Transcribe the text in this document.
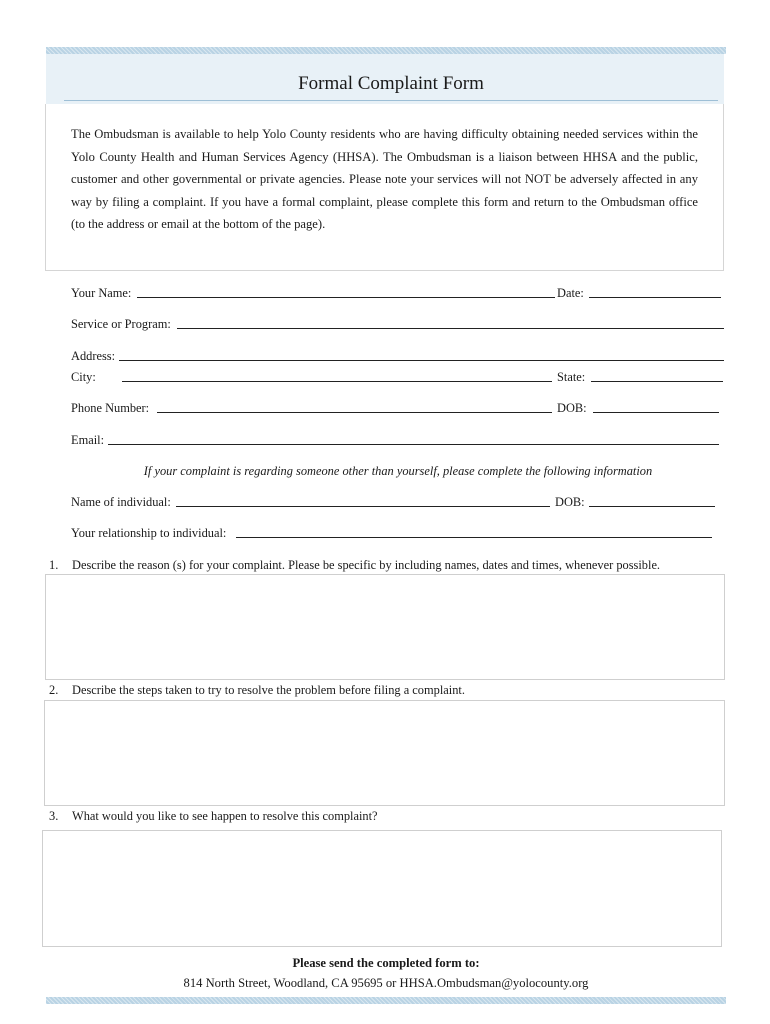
Formal Complaint Form
The Ombudsman is available to help Yolo County residents who are having difficulty obtaining needed services within the Yolo County Health and Human Services Agency (HHSA). The Ombudsman is a liaison between HHSA and the public, customer and other governmental or private agencies. Please note your services will not NOT be adversely affected in any way by filing a complaint. If you have a formal complaint, please complete this form and return to the Ombudsman office (to the address or email at the bottom of the page).
Your Name:	Date:
Service or Program:
Address:
City:	State:
Phone Number:	DOB:
Email:
If your complaint is regarding someone other than yourself, please complete the following information
Name of individual:	DOB:
Your relationship to individual:
1. Describe the reason (s) for your complaint. Please be specific by including names, dates and times, whenever possible.
2. Describe the steps taken to try to resolve the problem before filing a complaint.
3. What would you like to see happen to resolve this complaint?
Please send the completed form to:
814 North Street, Woodland, CA 95695 or HHSA.Ombudsman@yolocounty.org
